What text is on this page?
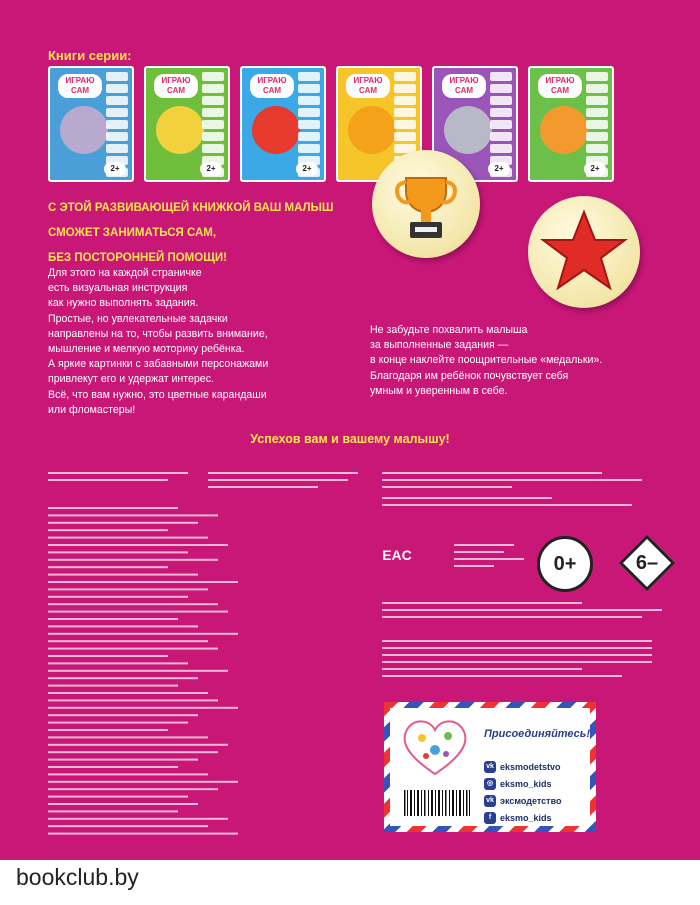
Книги серии:
ИГРАЮ САМ
2+
ИГРАЮ САМ
2+
ИГРАЮ САМ
2+
ИГРАЮ САМ
ИГРАЮ САМ
2+
ИГРАЮ САМ
2+
С ЭТОЙ РАЗВИВАЮЩЕЙ КНИЖКОЙ ВАШ МАЛЫШ
СМОЖЕТ ЗАНИМАТЬСЯ САМ,
БЕЗ ПОСТОРОННЕЙ ПОМОЩИ!
Для этого на каждой страничке
есть визуальная инструкция
как нужно выполнять задания.
Простые, но увлекательные задачки
направлены на то, чтобы развить внимание,
мышление и мелкую моторику ребёнка.
А яркие картинки с забавными персонажами
привлекут его и удержат интерес.
Всё, что вам нужно, это цветные карандаши
или фломастеры!
Не забудьте похвалить малыша
за выполненные задания —
в конце наклейте поощрительные «медальки».
Благодаря им ребёнок почувствует себя
умным и уверенным в себе.
Успехов вам и вашему малышу!
EAC	0+	6–
Присоединяйтесь!
vk eksmodetstvo
◎ eksmo_kids
vk эксмодетство
f eksmo_kids
bookclub.by
